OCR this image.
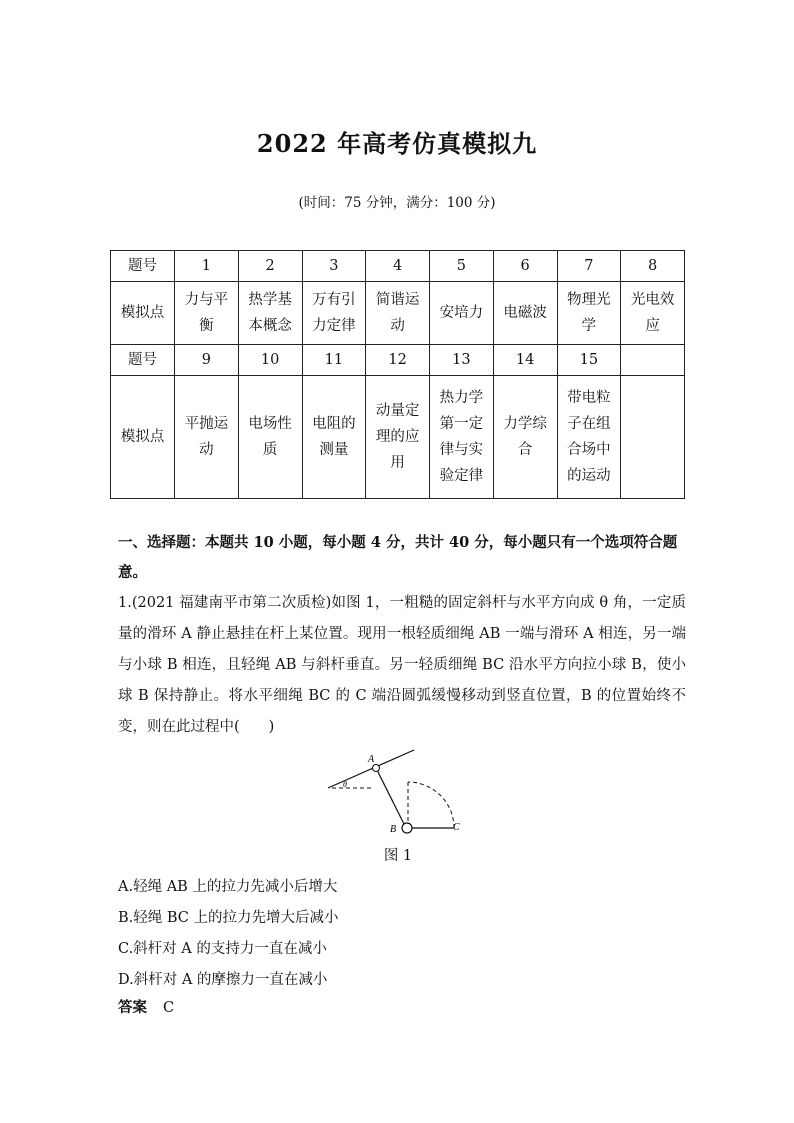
2022 年高考仿真模拟九
(时间：75 分钟，满分：100 分)
题号	1	2	3	4	5	6	7	8
模拟点	力与平衡	热学基本概念	万有引力定律	简谐运动	安培力	电磁波	物理光学	光电效应
题号	9	10	11	12	13	14	15	
模拟点	平抛运动	电场性质	电阻的测量	动量定理的应用	热力学第一定律与实验定律	力学综合	带电粒子在组合场中的运动	
一、选择题：本题共 10 小题，每小题 4 分，共计 40 分，每小题只有一个选项符合题意。
1.(2021 福建南平市第二次质检)如图 1，一粗糙的固定斜杆与水平方向成 θ 角，一定质量的滑环 A 静止悬挂在杆上某位置。现用一根轻质细绳 AB 一端与滑环 A 相连，另一端与小球 B 相连，且轻绳 AB 与斜杆垂直。另一轻质细绳 BC 沿水平方向拉小球 B，使小球 B 保持静止。将水平细绳 BC 的 C 端沿圆弧缓慢移动到竖直位置，B 的位置始终不变，则在此过程中(　　)
A
B	C
θ
图 1
A.轻绳 AB 上的拉力先减小后增大
B.轻绳 BC 上的拉力先增大后减小
C.斜杆对 A 的支持力一直在减小
D.斜杆对 A 的摩擦力一直在减小
答案 C
